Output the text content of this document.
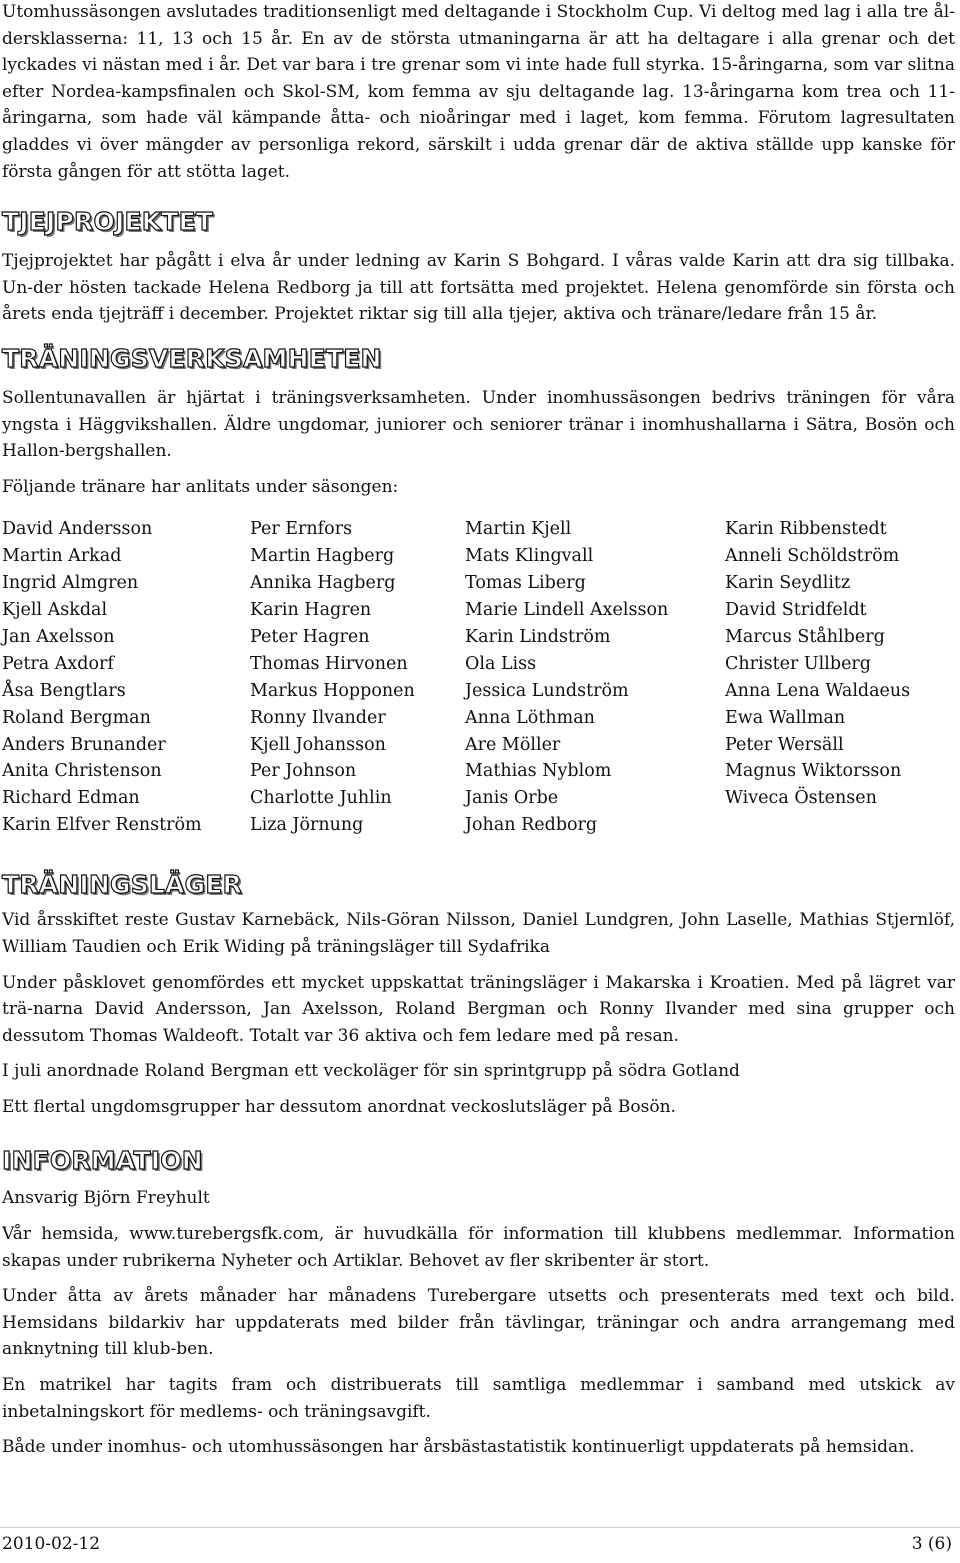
Utomhussäsongen avslutades traditionsenligt med deltagande i Stockholm Cup. Vi deltog med lag i alla tre ål-dersklasserna: 11, 13 och 15 år. En av de största utmaningarna är att ha deltagare i alla grenar och det lyckades vi nästan med i år. Det var bara i tre grenar som vi inte hade full styrka. 15-åringarna, som var slitna efter Nordea-kampsfinalen och Skol-SM, kom femma av sju deltagande lag. 13-åringarna kom trea och 11-åringarna, som hade väl kämpande åtta- och nioåringar med i laget, kom femma. Förutom lagresultaten gladdes vi över mängder av personliga rekord, särskilt i udda grenar där de aktiva ställde upp kanske för första gången för att stötta laget.

TJEJPROJEKTET

Tjejprojektet har pågått i elva år under ledning av Karin S Bohgard. I våras valde Karin att dra sig tillbaka. Un-der hösten tackade Helena Redborg ja till att fortsätta med projektet. Helena genomförde sin första och årets enda tjejträff i december. Projektet riktar sig till alla tjejer, aktiva och tränare/ledare från 15 år.

TRÄNINGSVERKSAMHETEN

Sollentunavallen är hjärtat i träningsverksamheten. Under inomhussäsongen bedrivs träningen för våra yngsta i Häggvikshallen. Äldre ungdomar, juniorer och seniorer tränar i inomhushallarna i Sätra, Bosön och Hallon-bergshallen.

Följande tränare har anlitats under säsongen:

David Andersson
Martin Arkad
Ingrid Almgren
Kjell Askdal
Jan Axelsson
Petra Axdorf
Åsa Bengtlars
Roland Bergman
Anders Brunander
Anita Christenson
Richard Edman
Karin Elfver Renström
Per Ernfors
Martin Hagberg
Annika Hagberg
Karin Hagren
Peter Hagren
Thomas Hirvonen
Markus Hopponen
Ronny Ilvander
Kjell Johansson
Per Johnson
Charlotte Juhlin
Liza Jörnung
Martin Kjell
Mats Klingvall
Tomas Liberg
Marie Lindell Axelsson
Karin Lindström
Ola Liss
Jessica Lundström
Anna Löthman
Are Möller
Mathias Nyblom
Janis Orbe
Johan Redborg
Karin Ribbenstedt
Anneli Schöldström
Karin Seydlitz
David Stridfeldt
Marcus Ståhlberg
Christer Ullberg
Anna Lena Waldaeus
Ewa Wallman
Peter Wersäll
Magnus Wiktorsson
Wiveca Östensen
TRÄNINGSLÄGER

Vid årsskiftet reste Gustav Karnebäck, Nils-Göran Nilsson, Daniel Lundgren, John Laselle, Mathias Stjernlöf, William Taudien och Erik Widing på träningsläger till Sydafrika

Under påsklovet genomfördes ett mycket uppskattat träningsläger i Makarska i Kroatien. Med på lägret var trä-narna David Andersson, Jan Axelsson, Roland Bergman och Ronny Ilvander med sina grupper och dessutom Thomas Waldeoft. Totalt var 36 aktiva och fem ledare med på resan.

I juli anordnade Roland Bergman ett veckoläger för sin sprintgrupp på södra Gotland

Ett flertal ungdomsgrupper har dessutom anordnat veckoslutsläger på Bosön.

INFORMATION

Ansvarig Björn Freyhult

Vår hemsida, www.turebergsfk.com, är huvudkälla för information till klubbens medlemmar. Information skapas under rubrikerna Nyheter och Artiklar. Behovet av fler skribenter är stort.

Under åtta av årets månader har månadens Turebergare utsetts och presenterats med text och bild. Hemsidans bildarkiv har uppdaterats med bilder från tävlingar, träningar och andra arrangemang med anknytning till klub-ben.

En matrikel har tagits fram och distribuerats till samtliga medlemmar i samband med utskick av inbetalningskort för medlems- och träningsavgift.

Både under inomhus- och utomhussäsongen har årsbästastatistik kontinuerligt uppdaterats på hemsidan.

2010-02-12	3 (6)
